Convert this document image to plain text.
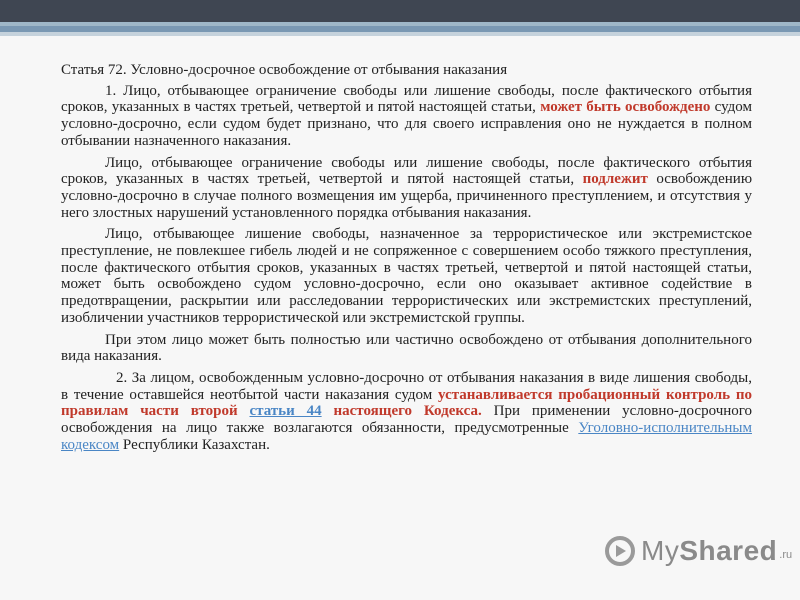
Статья 72. Условно-досрочное освобождение от отбывания наказания

1. Лицо, отбывающее ограничение свободы или лишение свободы, после фактического отбытия сроков, указанных в частях третьей, четвертой и пятой настоящей статьи, может быть освобождено судом условно-досрочно, если судом будет признано, что для своего исправления оно не нуждается в полном отбывании назначенного наказания.

Лицо, отбывающее ограничение свободы или лишение свободы, после фактического отбытия сроков, указанных в частях третьей, четвертой и пятой настоящей статьи, подлежит освобождению условно-досрочно в случае полного возмещения им ущерба, причиненного преступлением, и отсутствия у него злостных нарушений установленного порядка отбывания наказания.

Лицо, отбывающее лишение свободы, назначенное за террористическое или экстремистское преступление, не повлекшее гибель людей и не сопряженное с совершением особо тяжкого преступления, после фактического отбытия сроков, указанных в частях третьей, четвертой и пятой настоящей статьи, может быть освобождено судом условно-досрочно, если оно оказывает активное содействие в предотвращении, раскрытии или расследовании террористических или экстремистских преступлений, изобличении участников террористической или экстремистской группы.

При этом лицо может быть полностью или частично освобождено от отбывания дополнительного вида наказания.

2. За лицом, освобожденным условно-досрочно от отбывания наказания в виде лишения свободы, в течение оставшейся неотбытой части наказания судом устанавливается пробационный контроль по правилам части второй статьи 44 настоящего Кодекса. При применении условно-досрочного освобождения на лицо также возлагаются обязанности, предусмотренные Уголовно-исполнительным кодексом Республики Казахстан.

MyShared .ru
